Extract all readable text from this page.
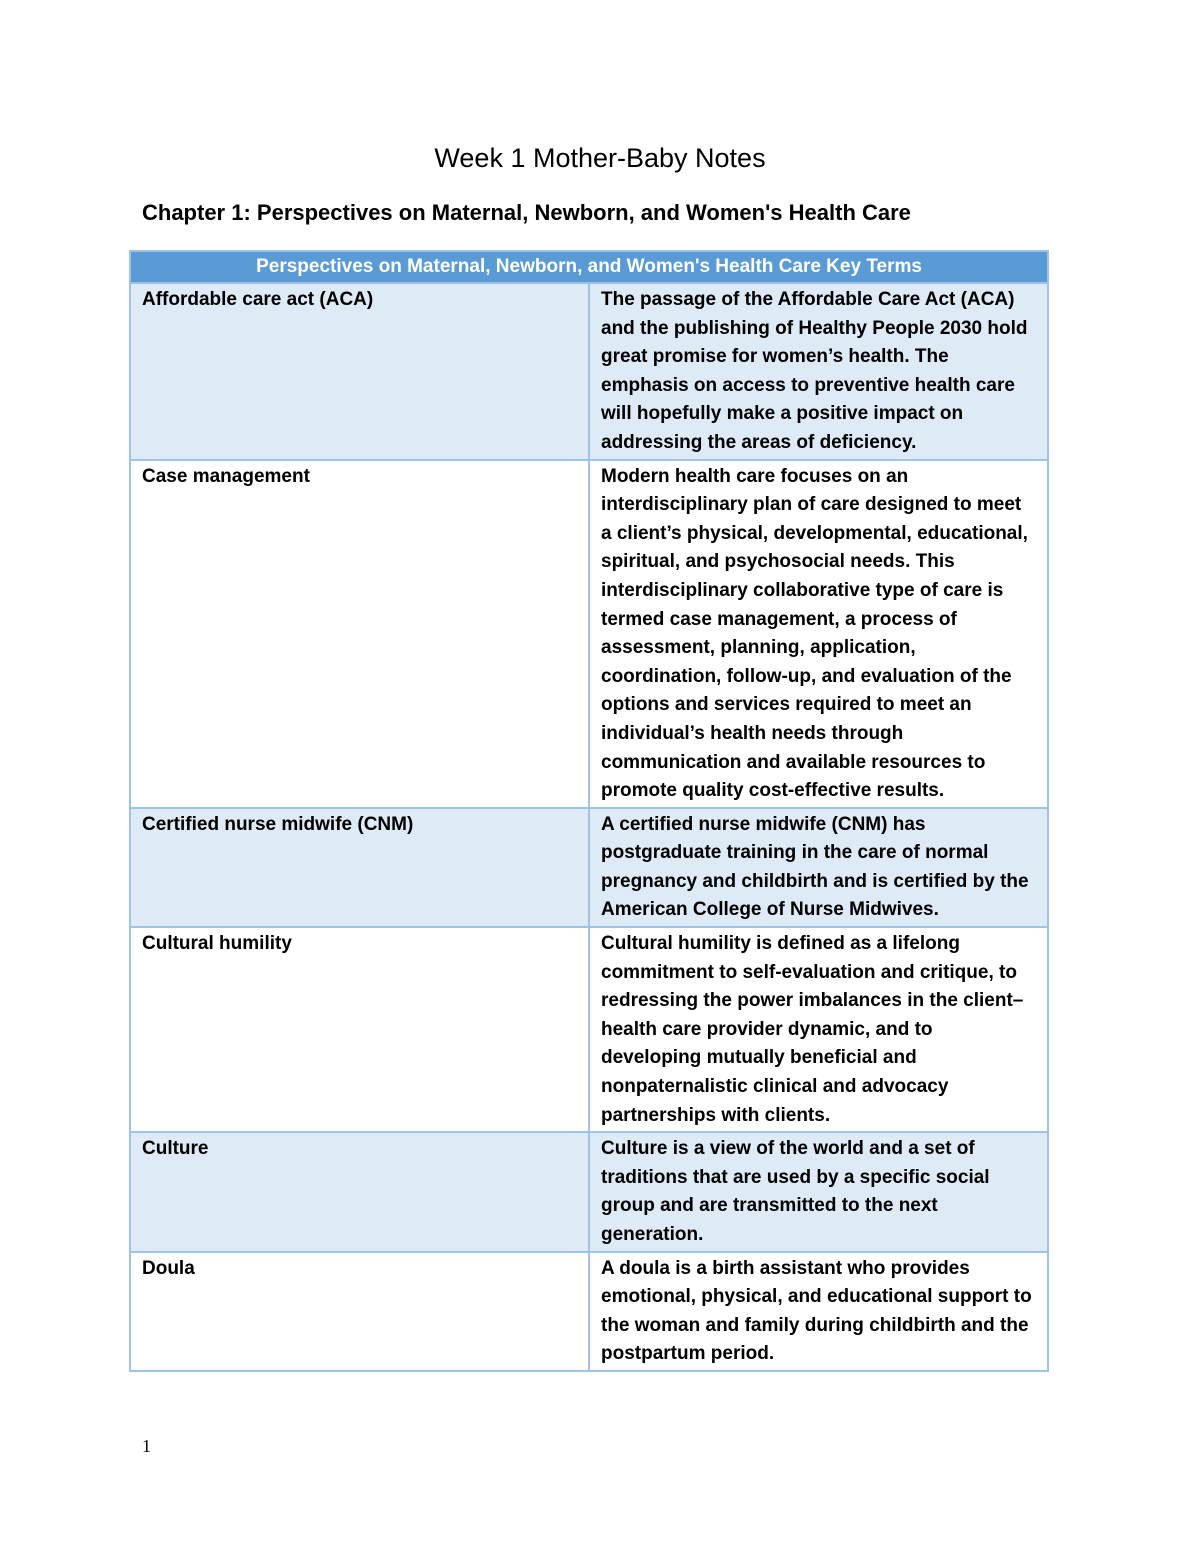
Week 1 Mother-Baby Notes
Chapter 1: Perspectives on Maternal, Newborn, and Women's Health Care
Perspectives on Maternal, Newborn, and Women's Health Care Key Terms	
Affordable care act (ACA)	The passage of the Affordable Care Act (ACA) and the publishing of Healthy People 2030 hold great promise for women’s health. The emphasis on access to preventive health care will hopefully make a positive impact on addressing the areas of deficiency.
Case management	Modern health care focuses on an interdisciplinary plan of care designed to meet a client’s physical, developmental, educational, spiritual, and psychosocial needs. This interdisciplinary collaborative type of care is termed case management, a process of assessment, planning, application, coordination, follow-up, and evaluation of the options and services required to meet an individual’s health needs through communication and available resources to promote quality cost-effective results.
Certified nurse midwife (CNM)	A certified nurse midwife (CNM) has postgraduate training in the care of normal pregnancy and childbirth and is certified by the American College of Nurse Midwives.
Cultural humility	Cultural humility is defined as a lifelong commitment to self-evaluation and critique, to redressing the power imbalances in the client–health care provider dynamic, and to developing mutually beneficial and nonpaternalistic clinical and advocacy partnerships with clients.
Culture	Culture is a view of the world and a set of traditions that are used by a specific social group and are transmitted to the next generation.
Doula	A doula is a birth assistant who provides emotional, physical, and educational support to the woman and family during childbirth and the postpartum period.
1
